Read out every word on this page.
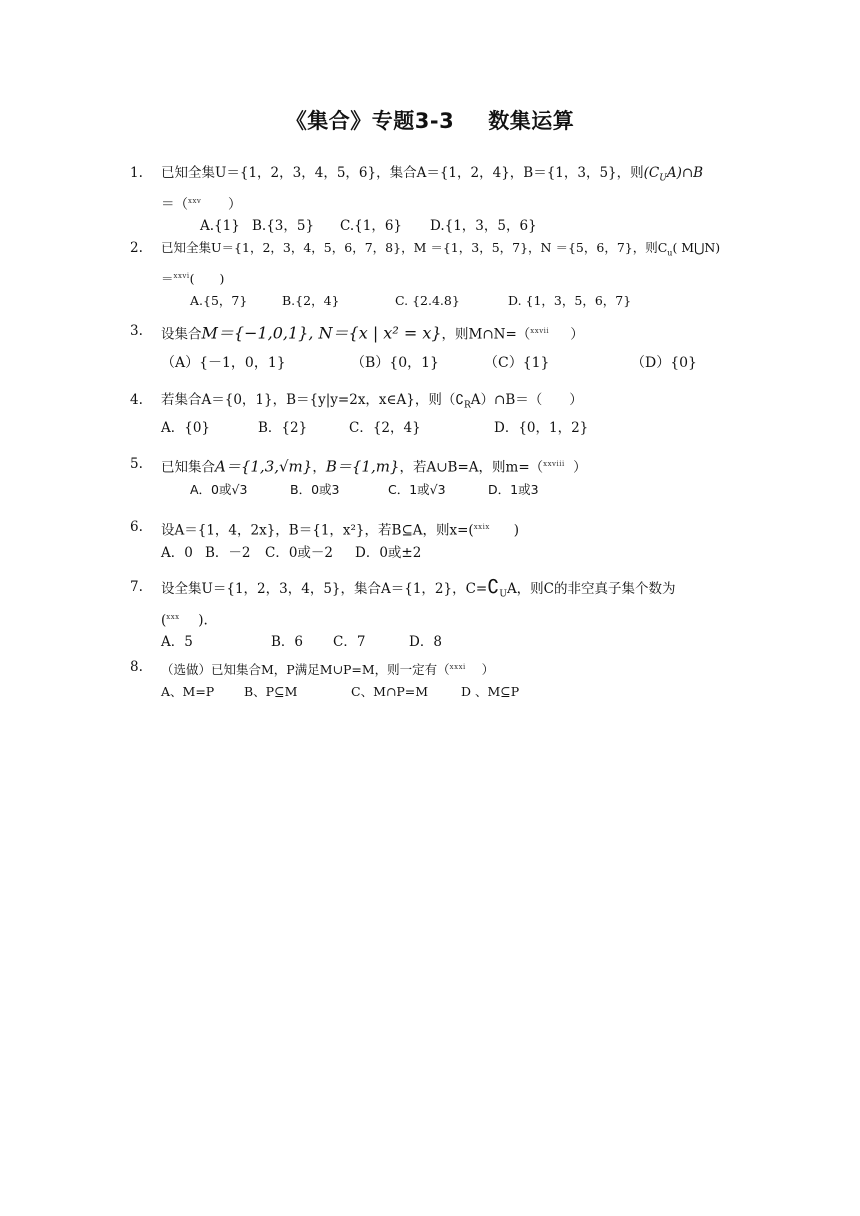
《集合》专题3-3 数集运算
1.	已知全集U＝{1，2，3，4，5，6}，集合A＝{1，2，4}，B＝{1，3，5}，则$(C_UA)\cap B$
＝（xxv ）
A.{1} B.{3，5} C.{1，6} D.{1，3，5，6}
2.	已知全集U＝{1，2，3，4，5，6，7，8}，M ＝{1，3，5，7}，N ＝{5，6，7}，则$C_u$( M⋃N)
＝xxvi(　　)
A.{5，7}	B.{2，4}	C. {2.4.8}	D. {1，3，5，6，7}
3.	设集合M＝{−1,0,1}, N＝{x | x² = x}，则M∩N=（xxvii ）
（A）{－1，0，1}	（B）{0，1}	（C）{1}	（D）{0}
4.	若集合A＝{0，1}，B＝{y|y=2x，x∈A}，则$(∁_RA)\cap B=$（　　）
A．{0}	B．{2}	C．{2，4}	D．{0，1，2}
5.	已知集合A＝{1,3,√m}，B＝{1,m}，若A∪B=A，则m=（xxviii ）
A．0或√3	B．0或3	C．1或√3	D．1或3
6.	设A＝{1，4，2x}，B＝{1，x²}，若B⊆A，则x=(xxix )
A．0 B．－2 C．0或－2 D．0或±2
7.	设全集U＝{1，2，3，4，5}，集合A＝{1，2}，$C=∁_UA$，则C的非空真子集个数为
(xxx ).
A．5	B．6 C．7	D．8
8.	（选做）已知集合M，P满足M∪P=M，则一定有（xxxi ）
A、M=P B、P⊆M	C、M∩P=M	D 、M⊆P
